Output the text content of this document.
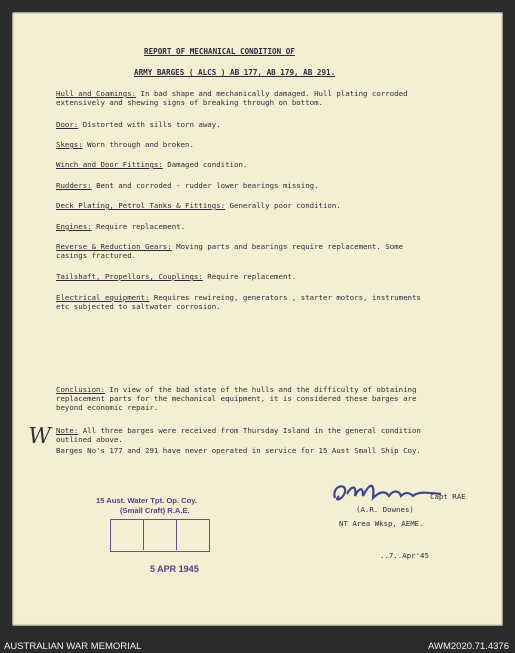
REPORT OF MECHANICAL CONDITION OF
ARMY BARGES ( ALCS ) AB 177, AB 179, AB 291.
Hull and Coamings: In bad shape and mechanically damaged. Hull plating corroded
extensively and shewing signs of breaking through on bottom.
Door: Distorted with sills torn away.
Skegs: Worn through and broken.
Winch and Door Fittings: Damaged condition.
Rudders: Bent and corroded - rudder lower bearings missing.
Deck Plating, Petrol Tanks & Fittings: Generally poor condition.
Engines: Require replacement.
Reverse & Reduction Gears: Moving parts and bearings require replacement. Some
casings fractured.
Tailshaft, Propellors, Couplings: Require replacement.
Electrical equipment: Requires rewireing, generators , starter motors, instruments
etc subjected to saltwater corrosion.
Conclusion: In view of the bad state of the hulls and the difficulty of obtaining
replacement parts for the mechanical equipment, it is considered these barges are
beyond economic repair.
Note: All three barges were received from Thursday Island in the general condition
outlined above.
Barges No's 177 and 291 have never operated in service for 15 Aust Small Ship Coy.
W
Capt RAE
(A.R. Downes)
NT Area Wksp, AEME.
..7..Apr'45
15 Aust. Water Tpt. Op. Coy.
(Small Craft) R.A.E.
5 APR 1945
AUSTRALIAN WAR MEMORIAL	AWM2020.71.4376
